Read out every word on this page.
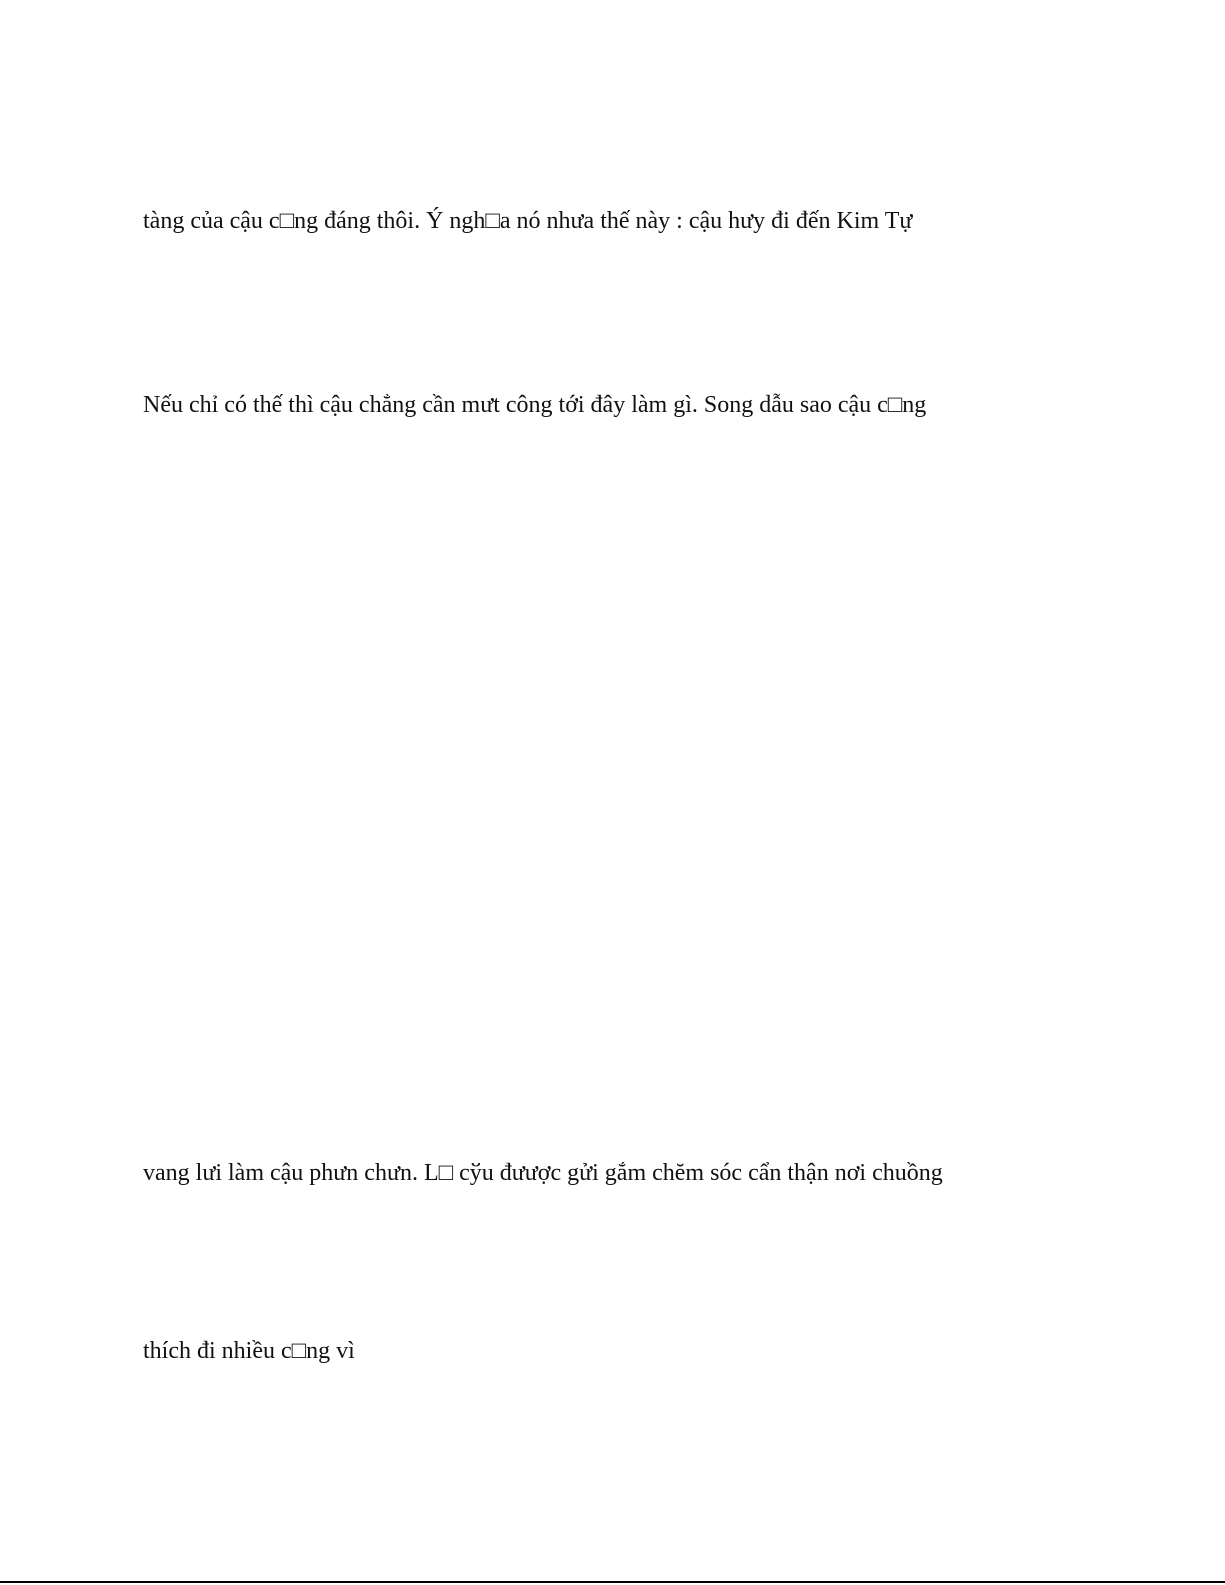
tàng của cậu c□ng đáng thôi. Ý ngh□a nó nhưa thế này : cậu hưy đi đến Kim Tự
Nếu chỉ có thế thì cậu chẳng cần mưt công tới đây làm gì. Song dẫu sao cậu c□ng
vang lưi làm cậu phưn chưn. L□ cўu đưược gửi gắm chĕm sóc cẩn thận nơi chuồng
thích đi nhiều c□ng vì
